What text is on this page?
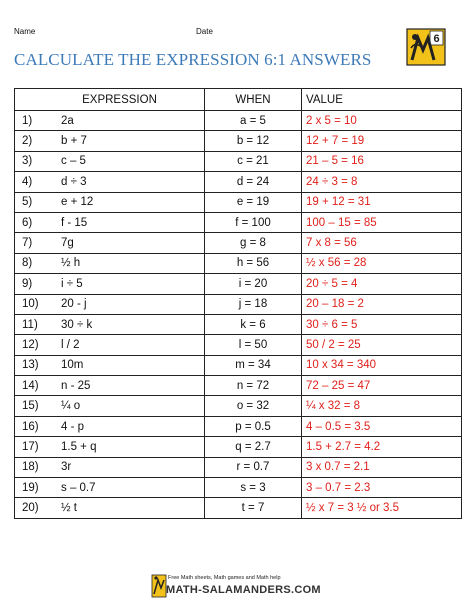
Name	Date
6
CALCULATE THE EXPRESSION 6:1 ANSWERS
EXPRESSION	WHEN	VALUE

1) 2a	a = 5	2 x 5 = 10

2) b + 7	b = 12	12 + 7 = 19

3) c – 5	c = 21	21 – 5 = 16

4) d ÷ 3	d = 24	24 ÷ 3 = 8

5) e + 12	e = 19	19 + 12 = 31

6) f - 15	f = 100	100 – 15 = 85

7) 7g	g = 8	7 x 8 = 56

8) ½ h	h = 56	½ x 56 = 28

9) i ÷ 5	i = 20	20 ÷ 5 = 4

10) 20 - j	j = 18	20 – 18 = 2

11) 30 ÷ k	k = 6	30 ÷ 6 = 5

12) l / 2	l = 50	50 / 2 = 25

13) 10m	m = 34	10 x 34 = 340

14) n - 25	n = 72	72 – 25 = 47

15) ¼ o	o = 32	¼ x 32 = 8

16) 4 - p	p = 0.5	4 – 0.5 = 3.5

17) 1.5 + q	q = 2.7	1.5 + 2.7 = 4.2

18) 3r	r = 0.7	3 x 0.7 = 2.1

19) s – 0.7	s = 3	3 – 0.7 = 2.3

20) ½ t	t = 7	½ x 7 = 3 ½ or 3.5
Free Math sheets, Math games and Math help
MATH-SALAMANDERS.COM
